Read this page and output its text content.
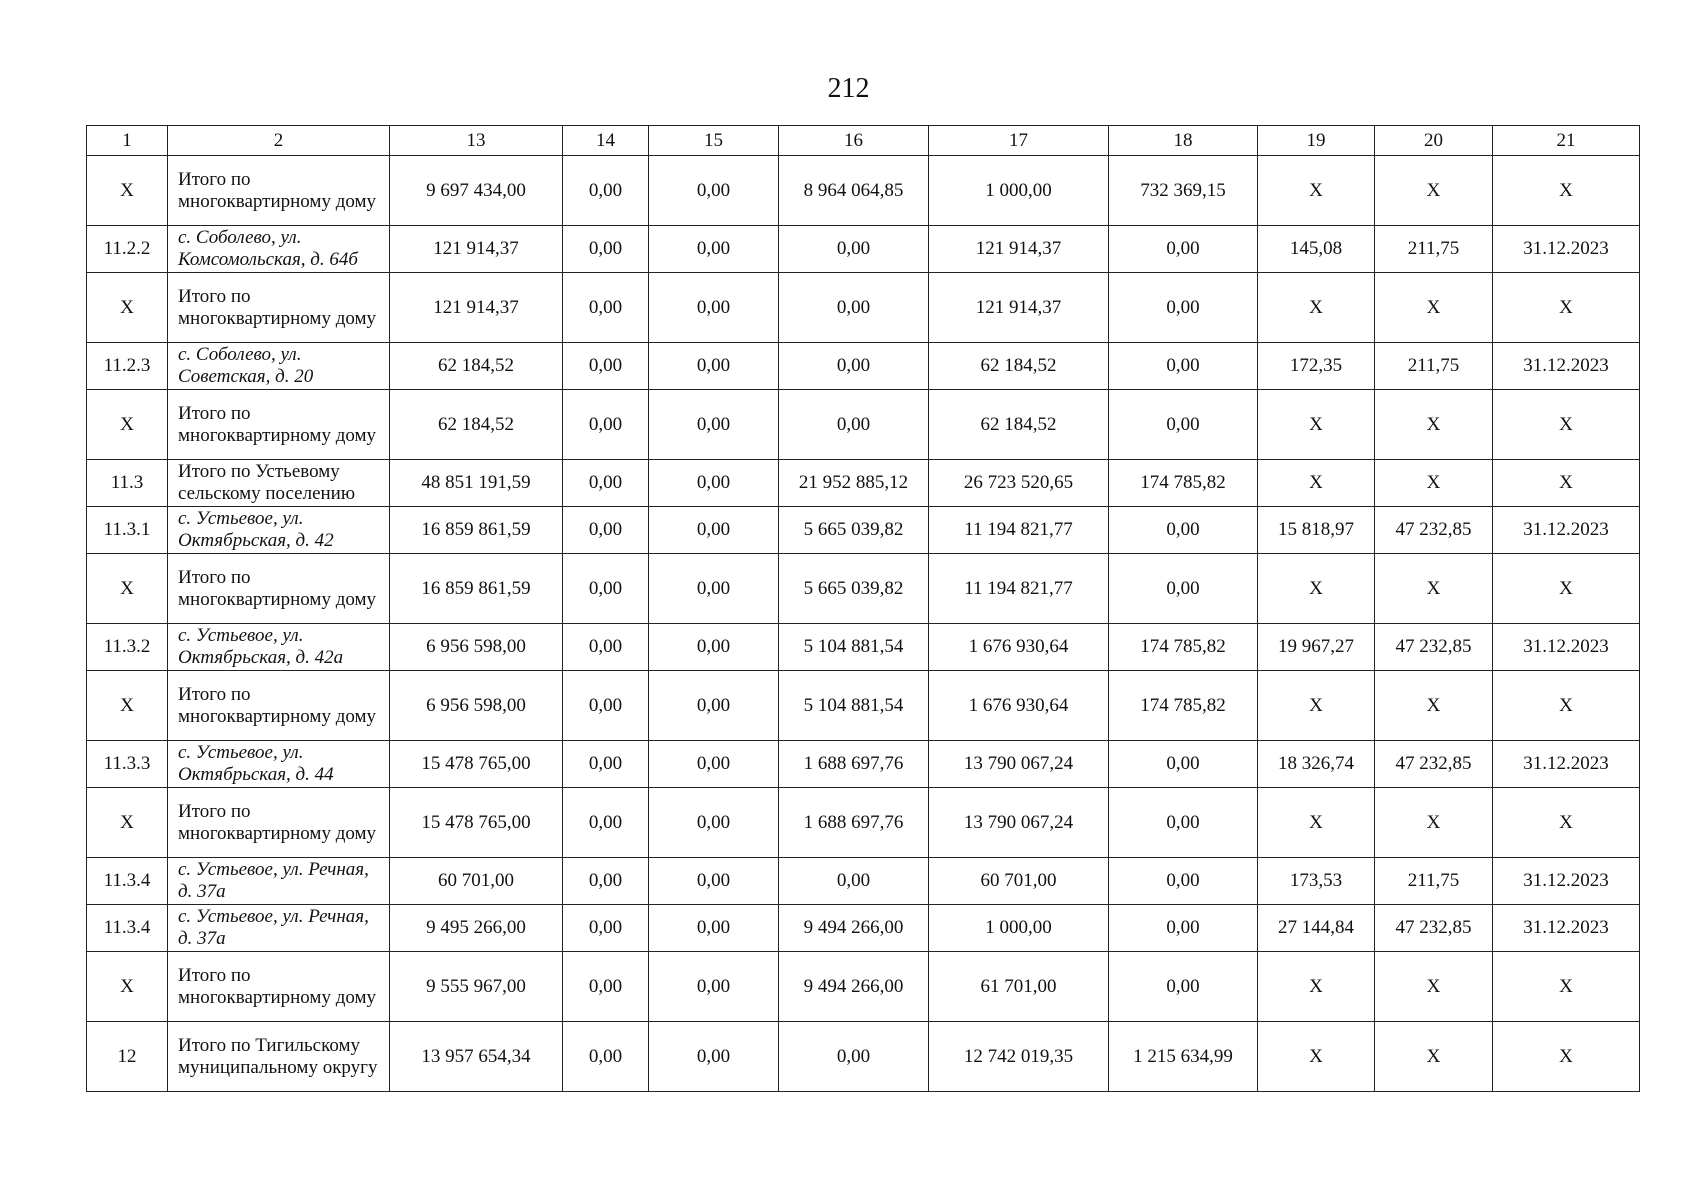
212
1	2	13	14	15	16	17	18	19	20	21
Х	Итого по многоквартирному дому	9 697 434,00	0,00	0,00	8 964 064,85	1 000,00	732 369,15	Х	Х	Х
11.2.2	с. Соболево, ул. Комсомольская, д. 64б	121 914,37	0,00	0,00	0,00	121 914,37	0,00	145,08	211,75	31.12.2023
Х	Итого по многоквартирному дому	121 914,37	0,00	0,00	0,00	121 914,37	0,00	Х	Х	Х
11.2.3	с. Соболево, ул. Советская, д. 20	62 184,52	0,00	0,00	0,00	62 184,52	0,00	172,35	211,75	31.12.2023
Х	Итого по многоквартирному дому	62 184,52	0,00	0,00	0,00	62 184,52	0,00	Х	Х	Х
11.3	Итого по Устьевому сельскому поселению	48 851 191,59	0,00	0,00	21 952 885,12	26 723 520,65	174 785,82	Х	Х	Х
11.3.1	с. Устьевое, ул. Октябрьская, д. 42	16 859 861,59	0,00	0,00	5 665 039,82	11 194 821,77	0,00	15 818,97	47 232,85	31.12.2023
Х	Итого по многоквартирному дому	16 859 861,59	0,00	0,00	5 665 039,82	11 194 821,77	0,00	Х	Х	Х
11.3.2	с. Устьевое, ул. Октябрьская, д. 42а	6 956 598,00	0,00	0,00	5 104 881,54	1 676 930,64	174 785,82	19 967,27	47 232,85	31.12.2023
Х	Итого по многоквартирному дому	6 956 598,00	0,00	0,00	5 104 881,54	1 676 930,64	174 785,82	Х	Х	Х
11.3.3	с. Устьевое, ул. Октябрьская, д. 44	15 478 765,00	0,00	0,00	1 688 697,76	13 790 067,24	0,00	18 326,74	47 232,85	31.12.2023
Х	Итого по многоквартирному дому	15 478 765,00	0,00	0,00	1 688 697,76	13 790 067,24	0,00	Х	Х	Х
11.3.4	с. Устьевое, ул. Речная, д. 37а	60 701,00	0,00	0,00	0,00	60 701,00	0,00	173,53	211,75	31.12.2023
11.3.4	с. Устьевое, ул. Речная, д. 37а	9 495 266,00	0,00	0,00	9 494 266,00	1 000,00	0,00	27 144,84	47 232,85	31.12.2023
Х	Итого по многоквартирному дому	9 555 967,00	0,00	0,00	9 494 266,00	61 701,00	0,00	Х	Х	Х
12	Итого по Тигильскому муниципальному округу	13 957 654,34	0,00	0,00	0,00	12 742 019,35	1 215 634,99	Х	Х	Х
